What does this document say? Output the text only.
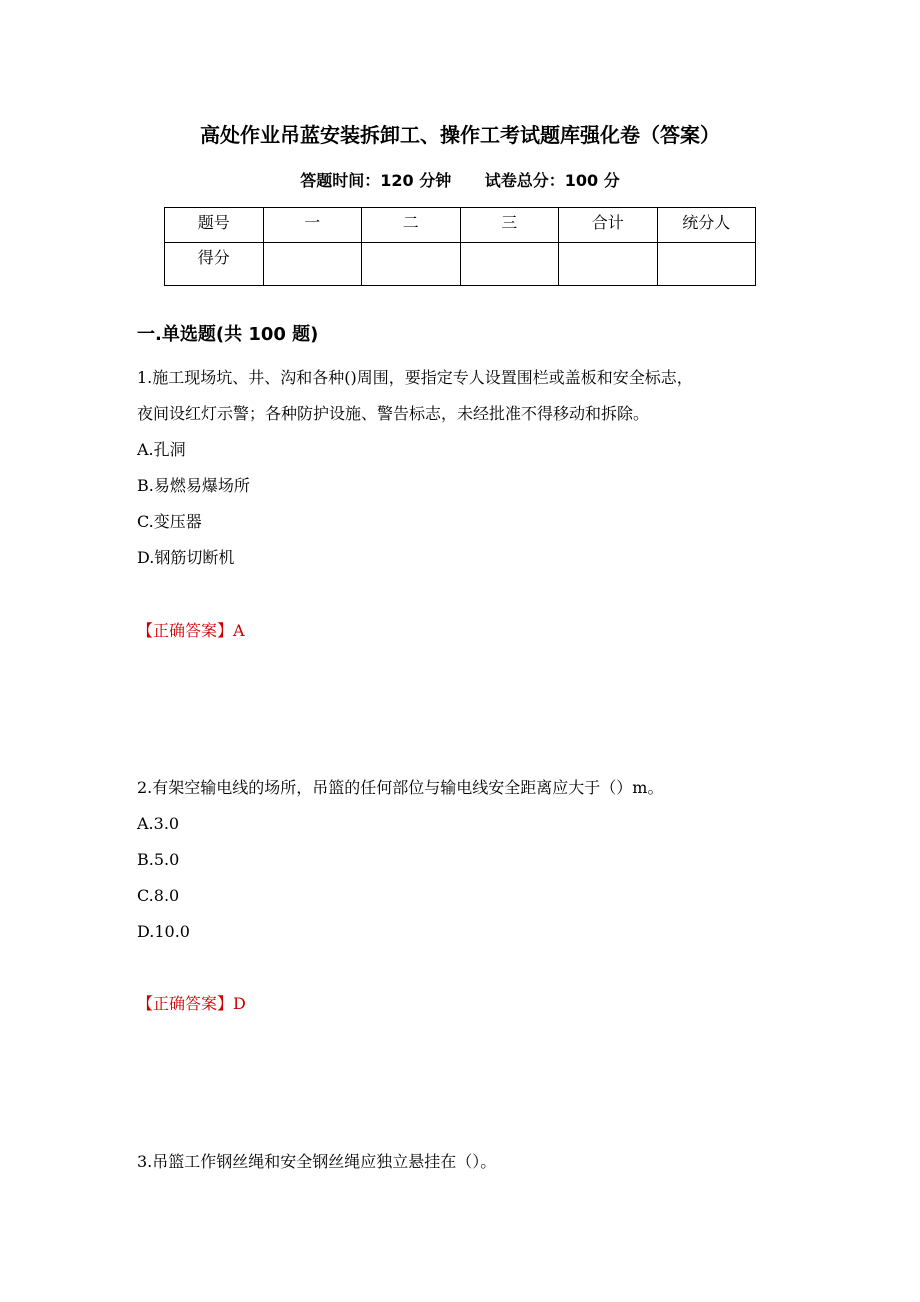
高处作业吊蓝安装拆卸工、操作工考试题库强化卷（答案）
答题时间：120 分钟 试卷总分：100 分
题号	一	二	三	合计	统分人
得分					
一.单选题(共 100 题)
1.施工现场坑、井、沟和各种()周围，要指定专人设置围栏或盖板和安全标志，
夜间设红灯示警；各种防护设施、警告标志，未经批准不得移动和拆除。
A.孔洞
B.易燃易爆场所
C.变压器
D.钢筋切断机
【正确答案】A
2.有架空输电线的场所，吊篮的任何部位与输电线安全距离应大于（）m。
A.3.0
B.5.0
C.8.0
D.10.0
【正确答案】D
3.吊篮工作钢丝绳和安全钢丝绳应独立悬挂在（）。
